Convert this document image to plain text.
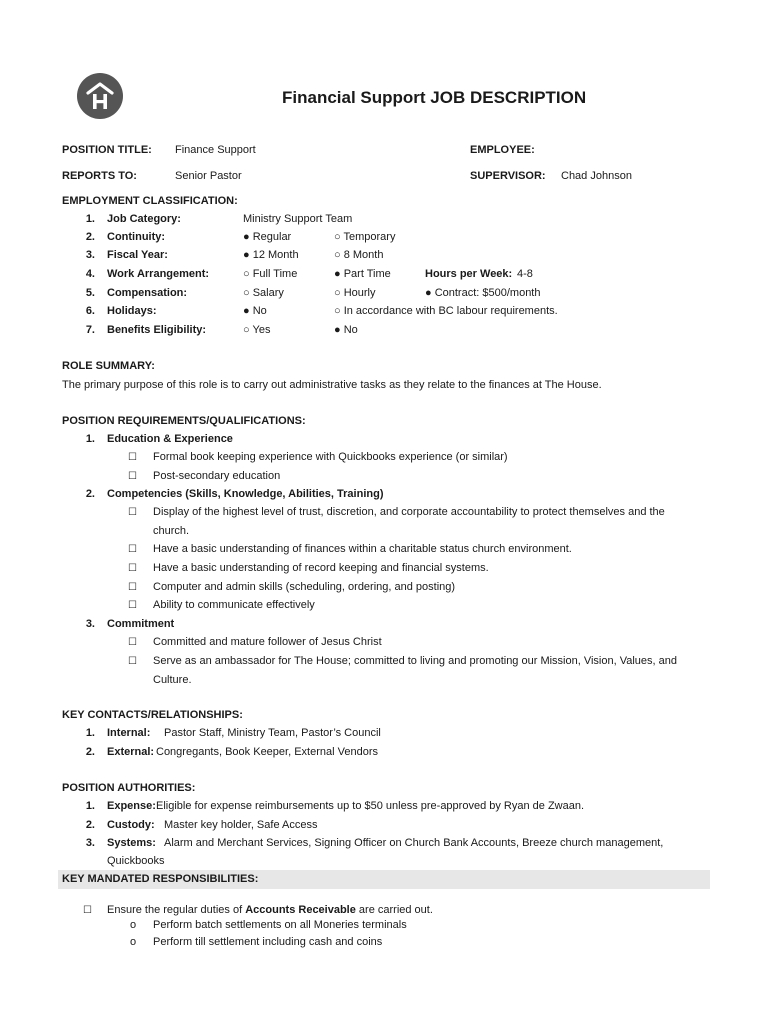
Financial Support JOB DESCRIPTION
POSITION TITLE: Finance Support	EMPLOYEE:
REPORTS TO:	Senior Pastor	SUPERVISOR: Chad Johnson
EMPLOYMENT CLASSIFICATION:
1. Job Category:	Ministry Support Team
2. Continuity:	● Regular	○ Temporary
3. Fiscal Year:	● 12 Month	○ 8 Month
4. Work Arrangement:	○ Full Time	● Part Time	Hours per Week: 4-8
5. Compensation:	○ Salary	○ Hourly	● Contract: $500/month
6. Holidays:	● No	○ In accordance with BC labour requirements.
7. Benefits Eligibility:	○ Yes	● No
ROLE SUMMARY:
The primary purpose of this role is to carry out administrative tasks as they relate to the finances at The House.
POSITION REQUIREMENTS/QUALIFICATIONS:
1. Education & Experience
☐ Formal book keeping experience with Quickbooks experience (or similar)
☐ Post-secondary education
2. Competencies (Skills, Knowledge, Abilities, Training)
☐ Display of the highest level of trust, discretion, and corporate accountability to protect themselves and the
church.
☐ Have a basic understanding of finances within a charitable status church environment.
☐ Have a basic understanding of record keeping and financial systems.
☐ Computer and admin skills (scheduling, ordering, and posting)
☐ Ability to communicate effectively
3. Commitment
☐ Committed and mature follower of Jesus Christ
☐ Serve as an ambassador for The House; committed to living and promoting our Mission, Vision, Values, and
Culture.
KEY CONTACTS/RELATIONSHIPS:
1. Internal: Pastor Staff, Ministry Team, Pastor’s Council
2. External: Congregants, Book Keeper, External Vendors
POSITION AUTHORITIES:
1. Expense: Eligible for expense reimbursements up to $50 unless pre-approved by Ryan de Zwaan.
2. Custody: Master key holder, Safe Access
3. Systems: Alarm and Merchant Services, Signing Officer on Church Bank Accounts, Breeze church management,
Quickbooks
KEY MANDATED RESPONSIBILITIES:
☐ Ensure the regular duties of Accounts Receivable are carried out.
o Perform batch settlements on all Moneries terminals
o Perform till settlement including cash and coins
